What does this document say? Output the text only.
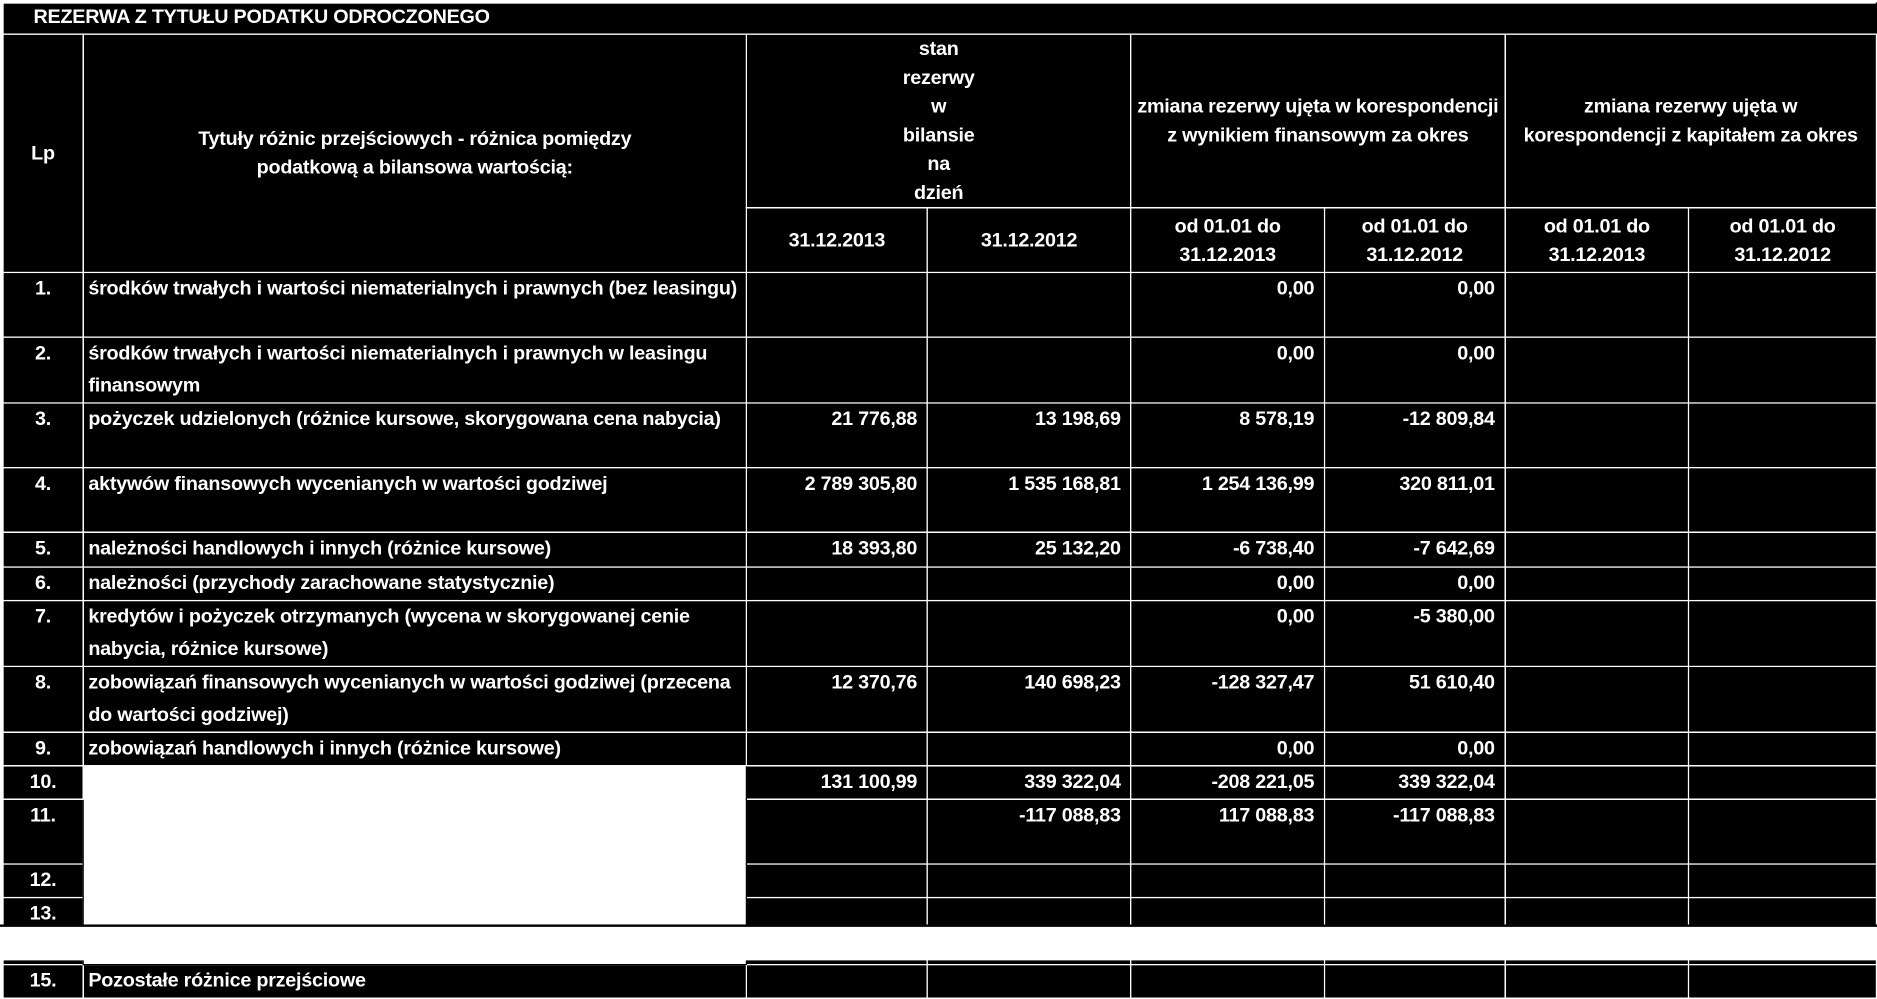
REZERWA Z TYTUŁU PODATKU ODROCZONEGO							
Lp	Tytuły różnic przejściowych - różnica pomiędzy podatkową a bilansowa wartością:	stan rezerwy w bilansie na dzień		zmiana rezerwy ujęta w korespondencji z wynikiem finansowym za okres		zmiana rezerwy ujęta w korespondencji z kapitałem za okres	
		31.12.2013	31.12.2012	od 01.01 do 31.12.2013	od 01.01 do 31.12.2012	od 01.01 do 31.12.2013	od 01.01 do 31.12.2012
1.	środków trwałych i wartości niematerialnych i prawnych (bez leasingu)			0,00	0,00		
2.	środków trwałych i wartości niematerialnych i prawnych w leasingu finansowym			0,00	0,00		
3.	pożyczek udzielonych (różnice kursowe, skorygowana cena nabycia)	21 776,88	13 198,69	8 578,19	-12 809,84		
4.	aktywów finansowych wycenianych w wartości godziwej	2 789 305,80	1 535 168,81	1 254 136,99	320 811,01		
5.	należności handlowych i innych (różnice kursowe)	18 393,80	25 132,20	-6 738,40	-7 642,69		
6.	należności (przychody zarachowane statystycznie)			0,00	0,00		
7.	kredytów i pożyczek otrzymanych (wycena w skorygowanej cenie nabycia, różnice kursowe)			0,00	-5 380,00		
8.	zobowiązań finansowych wycenianych w wartości godziwej (przecena do wartości godziwej)	12 370,76	140 698,23	-128 327,47	51 610,40		
9.	zobowiązań handlowych i innych (różnice kursowe)			0,00	0,00		
10.		131 100,99	339 322,04	-208 221,05	339 322,04		
11.			-117 088,83	117 088,83	-117 088,83		
12.							
13.							

15.	Pozostałe różnice przejściowe						
